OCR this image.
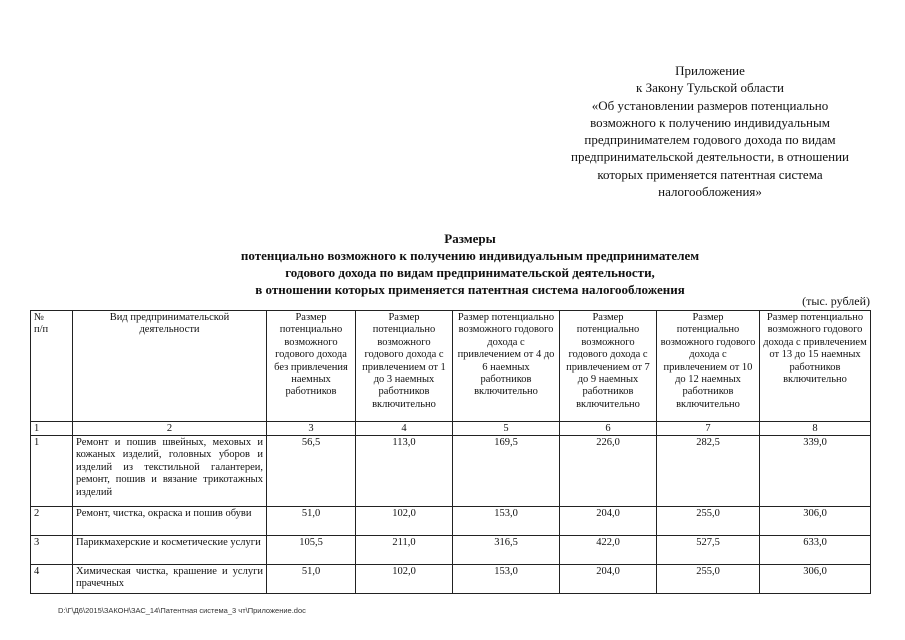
Приложение
к Закону Тульской области
«Об установлении размеров потенциально
возможного к получению индивидуальным
предпринимателем годового дохода по видам
предпринимательской деятельности, в отношении
которых применяется патентная система
налогообложения»
Размеры
потенциально возможного к получению индивидуальным предпринимателем
годового дохода по видам предпринимательской деятельности,
в отношении которых применяется патентная система налогообложения
(тыс. рублей)
№
п/п	Вид предпринимательской деятельности	Размер потенциально возможного годового дохода без привлечения наемных работников	Размер потенциально возможного годового дохода с привлечением от 1 до 3 наемных работников включительно	Размер потенциально возможного годового дохода с привлечением от 4 до 6 наемных работников включительно	Размер потенциально возможного годового дохода с привлечением от 7 до 9 наемных работников включительно	Размер потенциально возможного годового дохода с привлечением от 10 до 12 наемных работников включительно	Размер потенциально возможного годового дохода с привлечением от 13 до 15 наемных работников включительно
1	2	3	4	5	6	7	8
1	Ремонт и пошив швейных, меховых и кожаных изделий, головных уборов и изделий из текстильной галантереи, ремонт, пошив и вязание трикотажных изделий	56,5	113,0	169,5	226,0	282,5	339,0
2	Ремонт, чистка, окраска и пошив обуви	51,0	102,0	153,0	204,0	255,0	306,0
3	Парикмахерские и косметические услуги	105,5	211,0	316,5	422,0	527,5	633,0
4	Химическая чистка, крашение и услуги прачечных	51,0	102,0	153,0	204,0	255,0	306,0
D:\Г\Д6\2015\ЗАКОН\ЗАС_14\Патентная система_3 чт\Приложение.doc
